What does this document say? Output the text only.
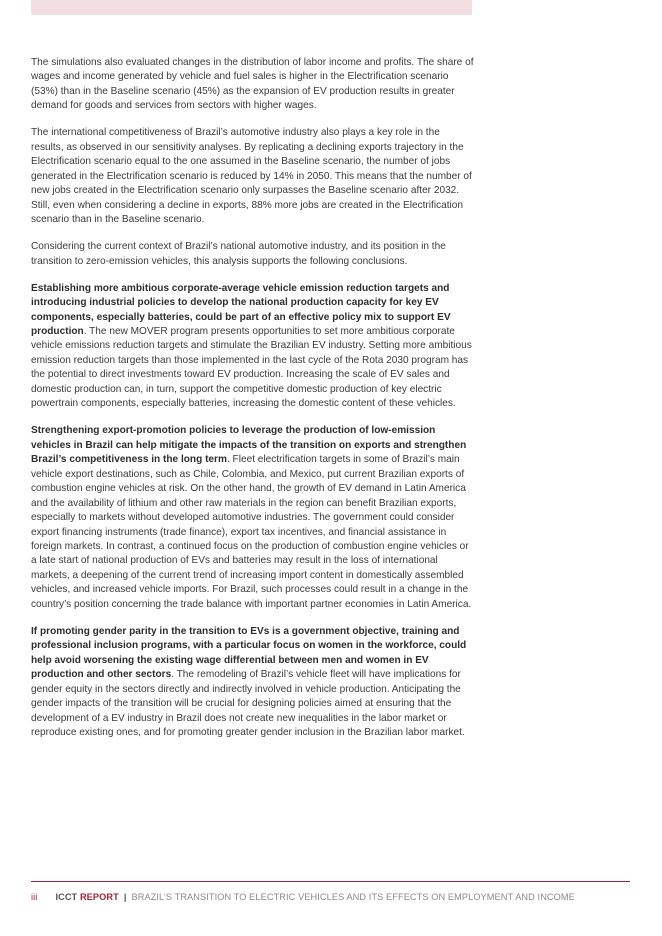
The simulations also evaluated changes in the distribution of labor income and profits. The share of wages and income generated by vehicle and fuel sales is higher in the Electrification scenario (53%) than in the Baseline scenario (45%) as the expansion of EV production results in greater demand for goods and services from sectors with higher wages.

The international competitiveness of Brazil’s automotive industry also plays a key role in the results, as observed in our sensitivity analyses. By replicating a declining exports trajectory in the Electrification scenario equal to the one assumed in the Baseline scenario, the number of jobs generated in the Electrification scenario is reduced by 14% in 2050. This means that the number of new jobs created in the Electrification scenario only surpasses the Baseline scenario after 2032. Still, even when considering a decline in exports, 88% more jobs are created in the Electrification scenario than in the Baseline scenario.

Considering the current context of Brazil’s national automotive industry, and its position in the transition to zero-emission vehicles, this analysis supports the following conclusions.

Establishing more ambitious corporate-average vehicle emission reduction targets and introducing industrial policies to develop the national production capacity for key EV components, especially batteries, could be part of an effective policy mix to support EV production. The new MOVER program presents opportunities to set more ambitious corporate vehicle emissions reduction targets and stimulate the Brazilian EV industry. Setting more ambitious emission reduction targets than those implemented in the last cycle of the Rota 2030 program has the potential to direct investments toward EV production. Increasing the scale of EV sales and domestic production can, in turn, support the competitive domestic production of key electric powertrain components, especially batteries, increasing the domestic content of these vehicles.

Strengthening export-promotion policies to leverage the production of low-emission vehicles in Brazil can help mitigate the impacts of the transition on exports and strengthen Brazil’s competitiveness in the long term. Fleet electrification targets in some of Brazil’s main vehicle export destinations, such as Chile, Colombia, and Mexico, put current Brazilian exports of combustion engine vehicles at risk. On the other hand, the growth of EV demand in Latin America and the availability of lithium and other raw materials in the region can benefit Brazilian exports, especially to markets without developed automotive industries. The government could consider export financing instruments (trade finance), export tax incentives, and financial assistance in foreign markets. In contrast, a continued focus on the production of combustion engine vehicles or a late start of national production of EVs and batteries may result in the loss of international markets, a deepening of the current trend of increasing import content in domestically assembled vehicles, and increased vehicle imports. For Brazil, such processes could result in a change in the country’s position concerning the trade balance with important partner economies in Latin America.

If promoting gender parity in the transition to EVs is a government objective, training and professional inclusion programs, with a particular focus on women in the workforce, could help avoid worsening the existing wage differential between men and women in EV production and other sectors. The remodeling of Brazil’s vehicle fleet will have implications for gender equity in the sectors directly and indirectly involved in vehicle production. Anticipating the gender impacts of the transition will be crucial for designing policies aimed at ensuring that the development of a EV industry in Brazil does not create new inequalities in the labor market or reproduce existing ones, and for promoting greater gender inclusion in the Brazilian labor market.

iii ICCT REPORT | BRAZIL’S TRANSITION TO ELECTRIC VEHICLES AND ITS EFFECTS ON EMPLOYMENT AND INCOME
